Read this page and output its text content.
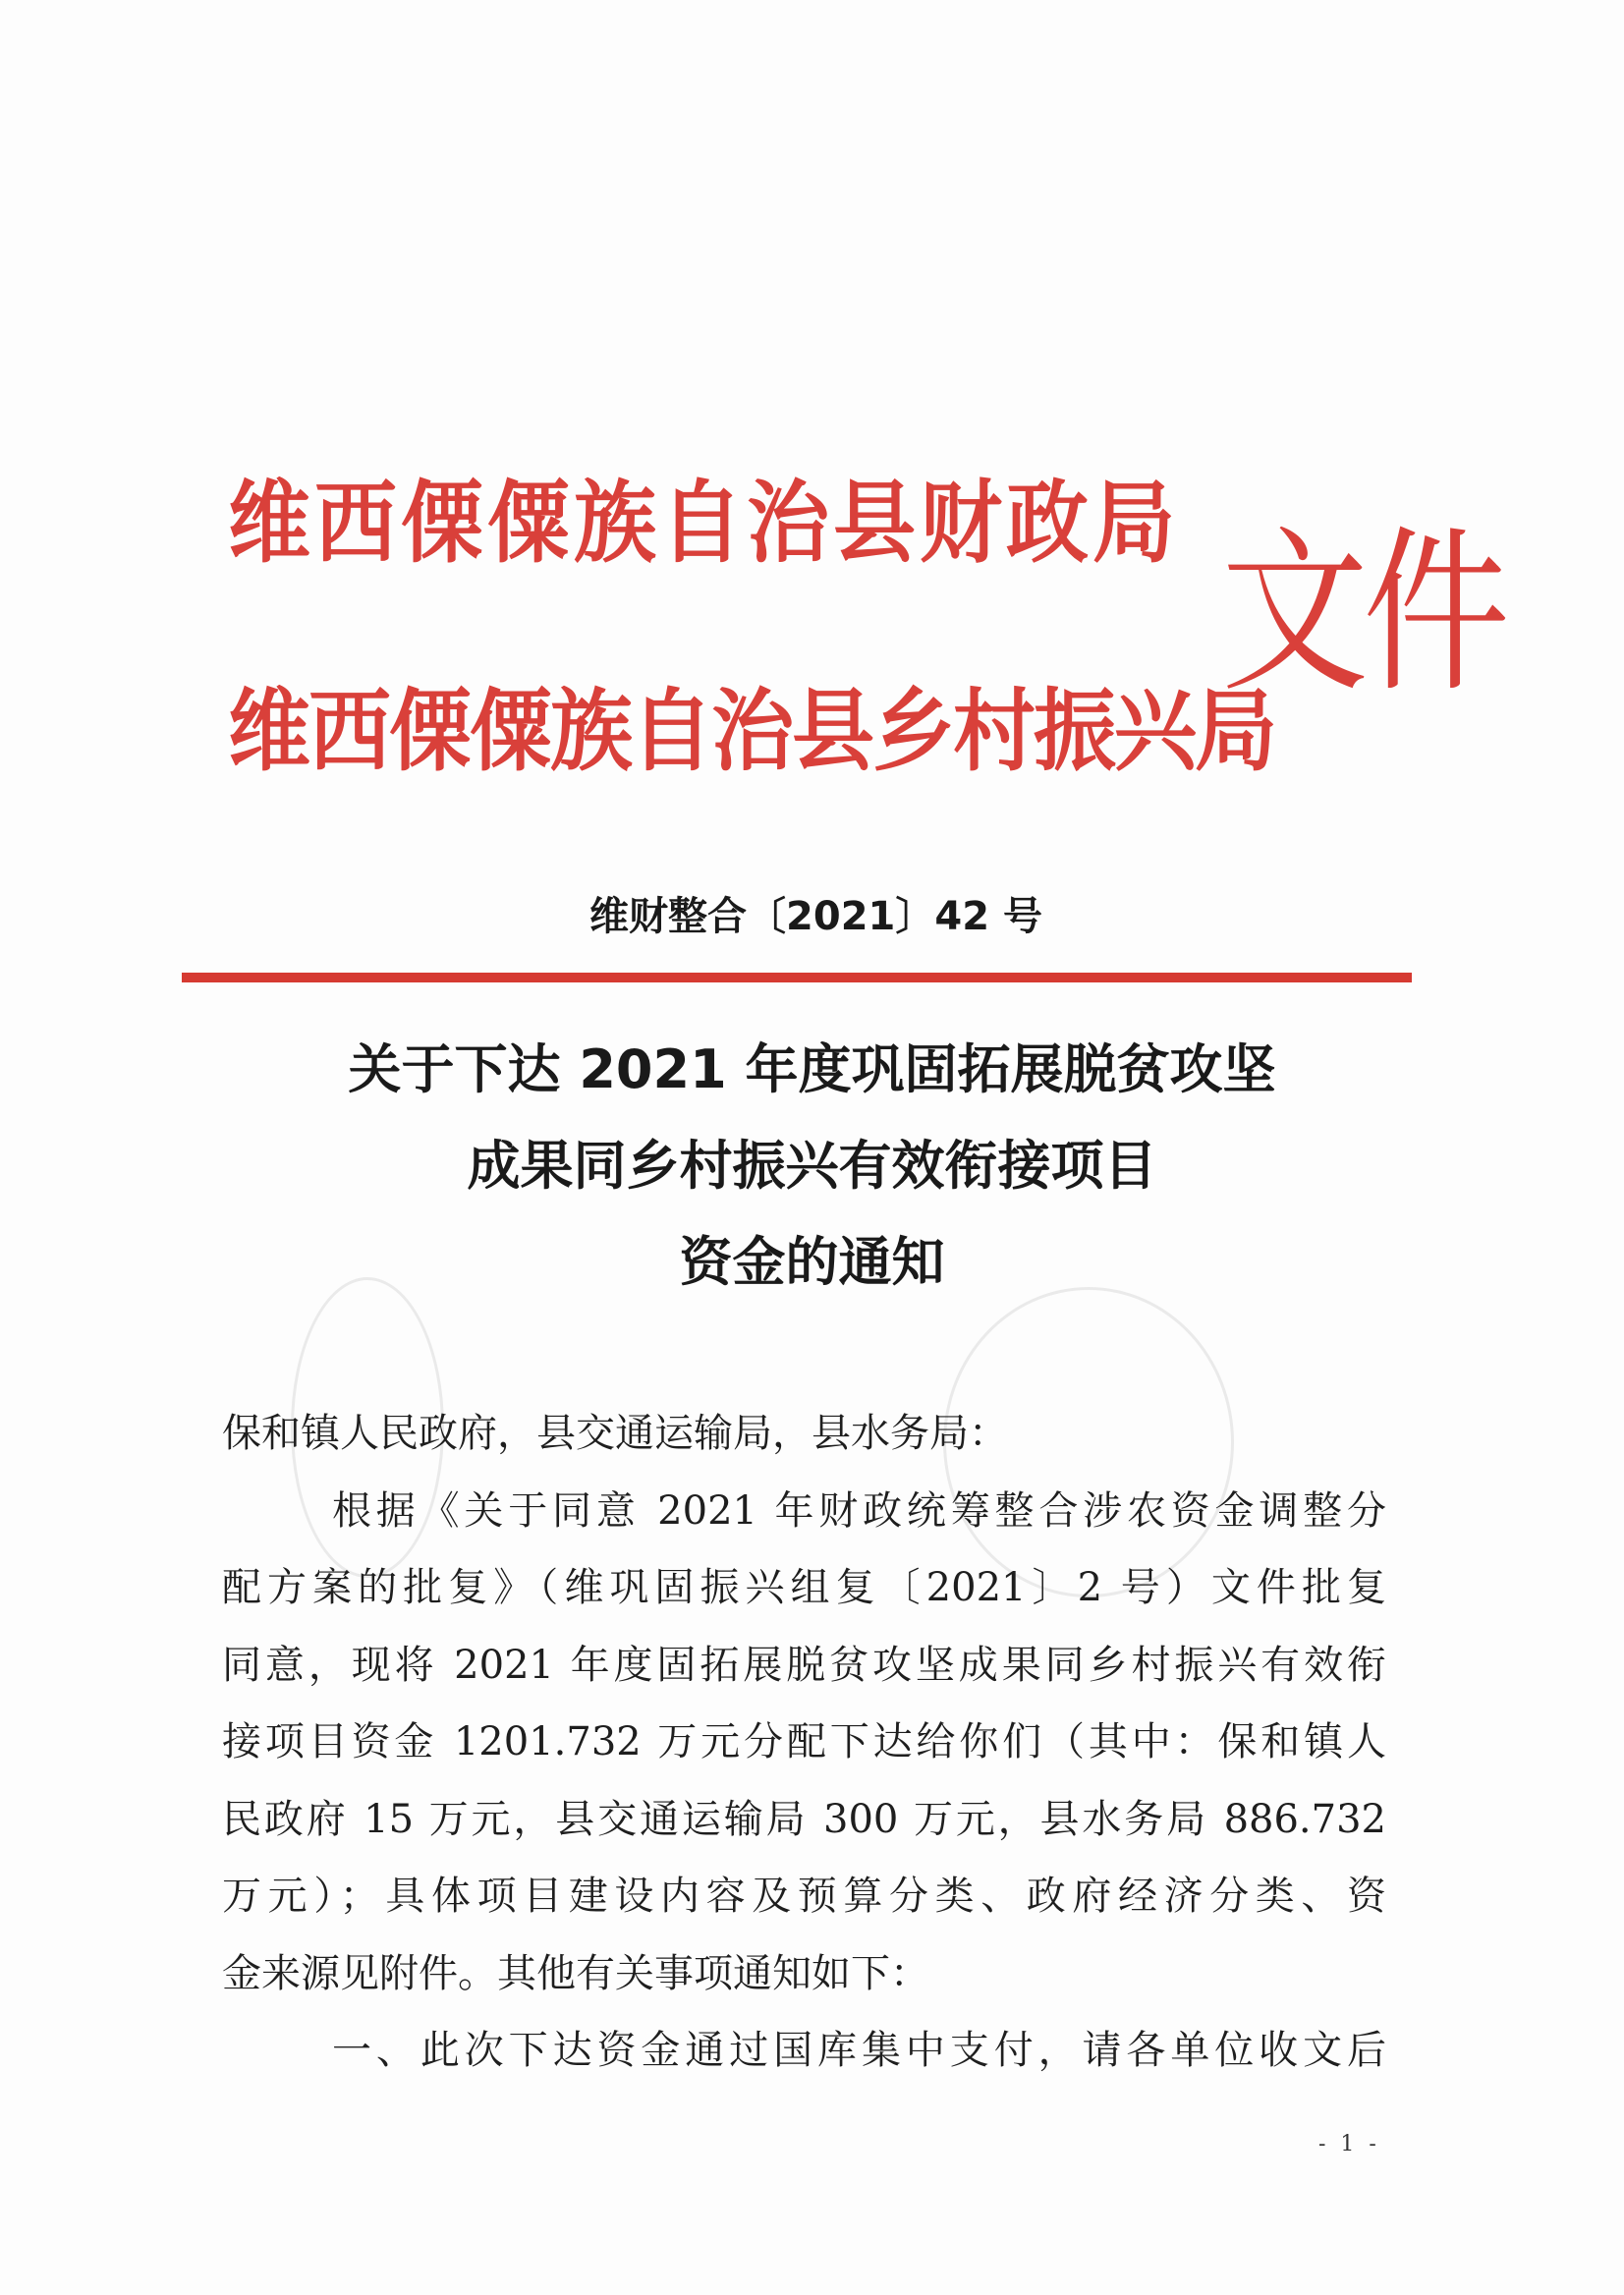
维西傈僳族自治县财政局
维西傈僳族自治县乡村振兴局
文件
维财整合〔2021〕42 号
关于下达 2021 年度巩固拓展脱贫攻坚
成果同乡村振兴有效衔接项目
资金的通知
保和镇人民政府，县交通运输局，县水务局：
根据《关于同意 2021 年财政统筹整合涉农资金调整分
配方案的批复》（维巩固振兴组复〔2021〕2 号）文件批复
同意，现将 2021 年度固拓展脱贫攻坚成果同乡村振兴有效衔
接项目资金 1201.732 万元分配下达给你们（其中：保和镇人
民政府 15 万元，县交通运输局 300 万元，县水务局 886.732
万元）；具体项目建设内容及预算分类、政府经济分类、资
金来源见附件。其他有关事项通知如下：
一、此次下达资金通过国库集中支付，请各单位收文后
- 1 -
